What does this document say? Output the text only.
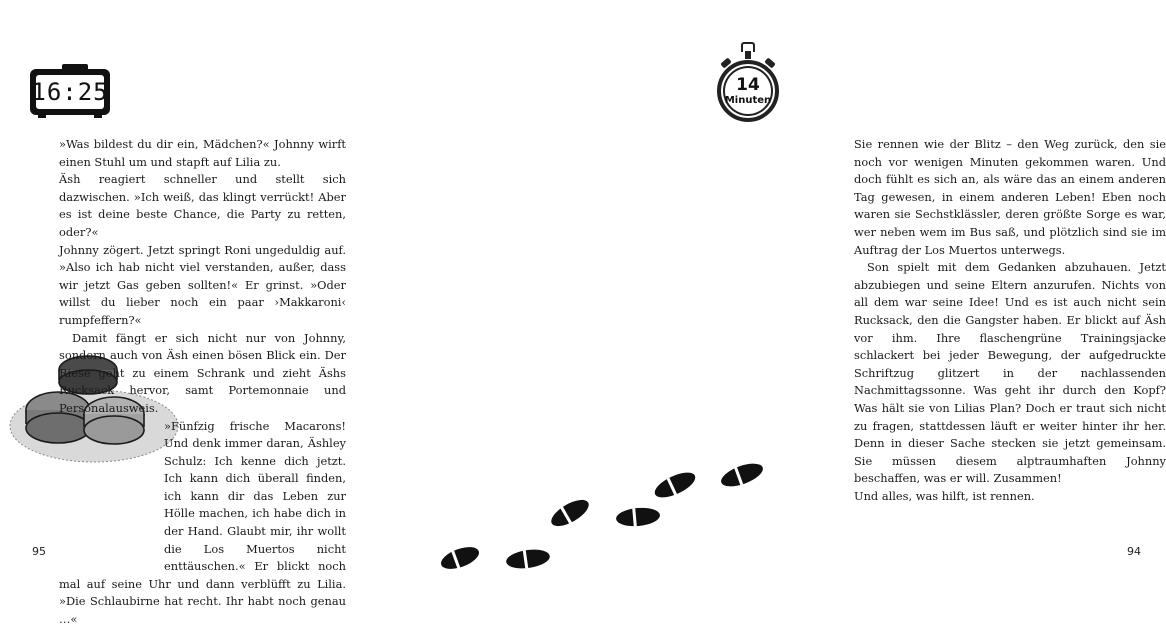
16:25

»Was bildest du dir ein, Mädchen?« Johnny wirft einen Stuhl um und stapft auf Lilia zu.

Äsh reagiert schneller und stellt sich dazwischen. »Ich weiß, das klingt verrückt! Aber es ist deine beste Chance, die Party zu retten, oder?«

Johnny zögert. Jetzt springt Roni ungeduldig auf. »Also ich hab nicht viel verstanden, außer, dass wir jetzt Gas geben sollten!« Er grinst. »Oder willst du lieber noch ein paar ›Makkaroni‹ rumpfeffern?«

Damit fängt er sich nicht nur von Johnny, sondern auch von Äsh einen bösen Blick ein. Der Riese geht zu einem Schrank und zieht Äshs Rucksack hervor, samt Portemonnaie und Personalausweis.

»Fünfzig frische Macarons! Und denk immer daran, Äshley Schulz: Ich kenne dich jetzt. Ich kann dich überall finden, ich kann dir das Leben zur Hölle machen, ich habe dich in der Hand. Glaubt mir, ihr wollt die Los Muertos nicht enttäuschen.« Er blickt noch mal auf seine Uhr und dann verblüfft zu Lilia. »Die Schlaubirne hat recht. Ihr habt noch genau …«

95

Sie rennen wie der Blitz – den Weg zurück, den sie noch vor wenigen Minuten gekommen waren. Und doch fühlt es sich an, als wäre das an einem anderen Tag gewesen, in einem anderen Leben! Eben noch waren sie Sechstklässler, deren größte Sorge es war, wer neben wem im Bus saß, und plötzlich sind sie im Auftrag der Los Muertos unterwegs.

Son spielt mit dem Gedanken abzuhauen. Jetzt abzubiegen und seine Eltern anzurufen. Nichts von all dem war seine Idee! Und es ist auch nicht sein Rucksack, den die Gangster haben. Er blickt auf Äsh vor ihm. Ihre flaschengrüne Trainingsjacke schlackert bei jeder Bewegung, der aufgedruckte Schriftzug glitzert in der nachlassenden Nachmittagssonne. Was geht ihr durch den Kopf? Was hält sie von Lilias Plan? Doch er traut sich nicht zu fragen, stattdessen läuft er weiter hinter ihr her. Denn in dieser Sache stecken sie jetzt gemeinsam. Sie müssen diesem alptraumhaften Johnny beschaffen, was er will. Zusammen!

Und alles, was hilft, ist rennen.

94
14
Minuten
